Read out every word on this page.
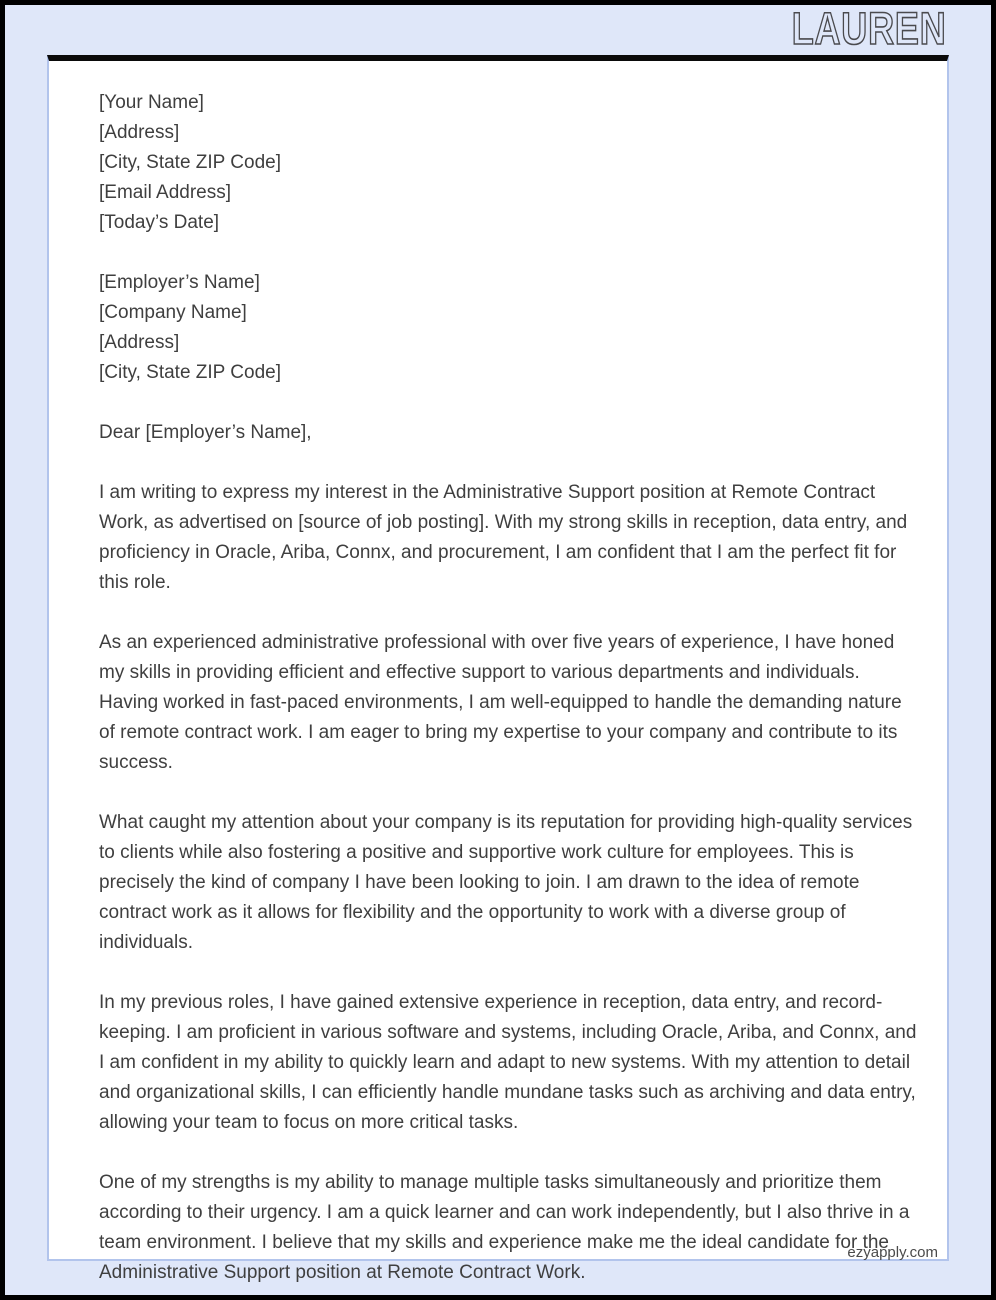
LAUREN
ezyapply.com
[Your Name]
[Address]
[City, State ZIP Code]
[Email Address]
[Today’s Date]
[Employer’s Name]
[Company Name]
[Address]
[City, State ZIP Code]
Dear [Employer’s Name],

I am writing to express my interest in the Administrative Support position at Remote Contract Work, as advertised on [source of job posting]. With my strong skills in reception, data entry, and proficiency in Oracle, Ariba, Connx, and procurement, I am confident that I am the perfect fit for this role.

As an experienced administrative professional with over five years of experience, I have honed my skills in providing efficient and effective support to various departments and individuals. Having worked in fast-paced environments, I am well-equipped to handle the demanding nature of remote contract work. I am eager to bring my expertise to your company and contribute to its success.

What caught my attention about your company is its reputation for providing high-quality services to clients while also fostering a positive and supportive work culture for employees. This is precisely the kind of company I have been looking to join. I am drawn to the idea of remote contract work as it allows for flexibility and the opportunity to work with a diverse group of individuals.

In my previous roles, I have gained extensive experience in reception, data entry, and record-keeping. I am proficient in various software and systems, including Oracle, Ariba, and Connx, and I am confident in my ability to quickly learn and adapt to new systems. With my attention to detail and organizational skills, I can efficiently handle mundane tasks such as archiving and data entry, allowing your team to focus on more critical tasks.

One of my strengths is my ability to manage multiple tasks simultaneously and prioritize them according to their urgency. I am a quick learner and can work independently, but I also thrive in a team environment. I believe that my skills and experience make me the ideal candidate for the Administrative Support position at Remote Contract Work.
